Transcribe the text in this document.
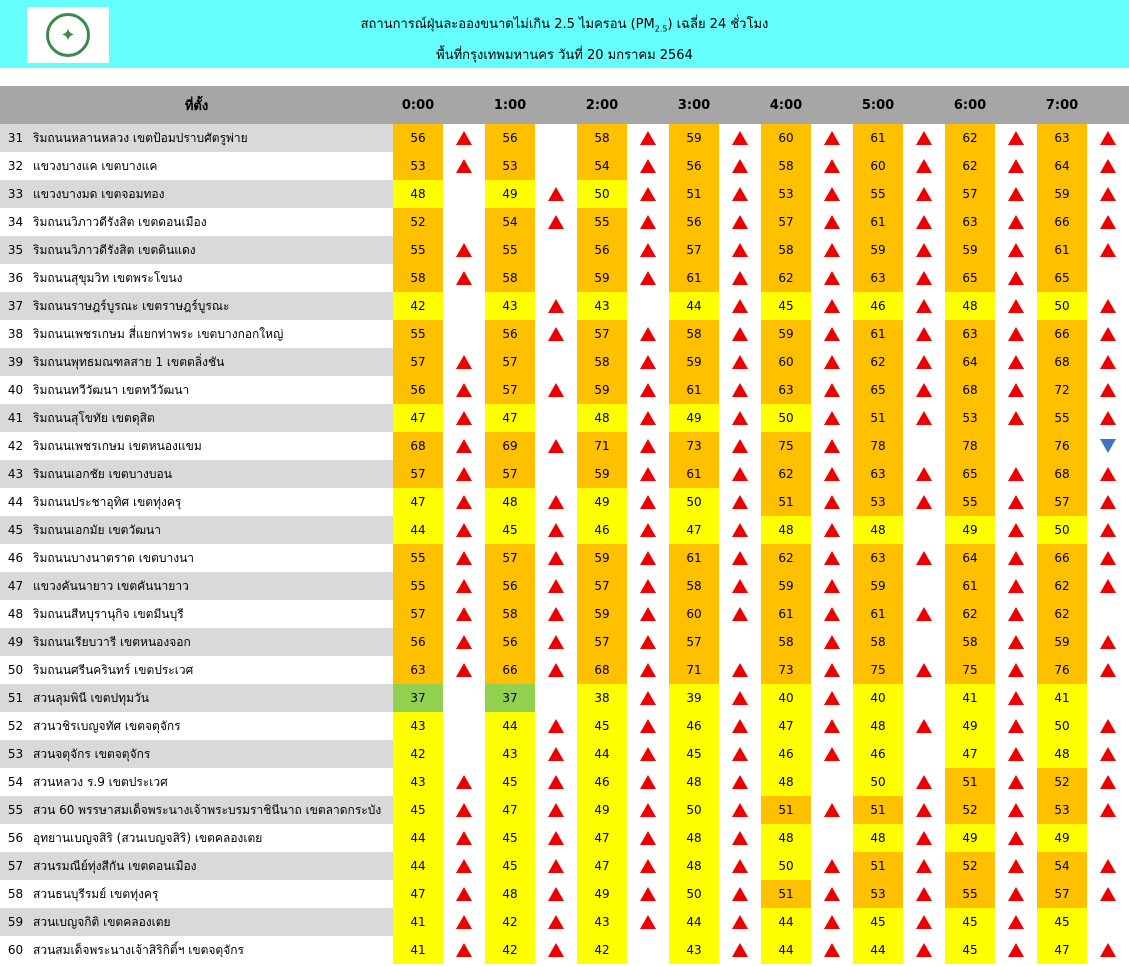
✦	สถานการณ์ฝุ่นละอองขนาดไม่เกิน 2.5 ไมครอน $(PM_{2.5})$ เฉลี่ย 24 ชั่วโมง
พื้นที่กรุงเทพมหานคร วันที่ 20 มกราคม 2564
ที่ตั้ง		0:00		1:00		2:00		3:00		4:00		5:00		6:00		7:00	
31	ริมถนนหลานหลวง เขตป้อมปราบศัตรูพ่าย	56		56		58		59		60		61		62		63	
32	แขวงบางแค เขตบางแค	53		53		54		56		58		60		62		64	
33	แขวงบางมด เขตจอมทอง	48		49		50		51		53		55		57		59	
34	ริมถนนวิภาวดีรังสิต เขตดอนเมือง	52		54		55		56		57		61		63		66	
35	ริมถนนวิภาวดีรังสิต เขตดินแดง	55		55		56		57		58		59		59		61	
36	ริมถนนสุขุมวิท เขตพระโขนง	58		58		59		61		62		63		65		65	
37	ริมถนนราษฎร์บูรณะ เขตราษฎร์บูรณะ	42		43		43		44		45		46		48		50	
38	ริมถนนเพชรเกษม สี่แยกท่าพระ เขตบางกอกใหญ่	55		56		57		58		59		61		63		66	
39	ริมถนนพุทธมณฑลสาย 1 เขตตลิ่งชัน	57		57		58		59		60		62		64		68	
40	ริมถนนทวีวัฒนา เขตทวีวัฒนา	56		57		59		61		63		65		68		72	
41	ริมถนนสุโขทัย เขตดุสิต	47		47		48		49		50		51		53		55	
42	ริมถนนเพชรเกษม เขตหนองแขม	68		69		71		73		75		78		78		76	
43	ริมถนนเอกชัย เขตบางบอน	57		57		59		61		62		63		65		68	
44	ริมถนนประชาอุทิศ เขตทุ่งครุ	47		48		49		50		51		53		55		57	
45	ริมถนนเอกมัย เขตวัฒนา	44		45		46		47		48		48		49		50	
46	ริมถนนบางนาตราด เขตบางนา	55		57		59		61		62		63		64		66	
47	แขวงคันนายาว เขตคันนายาว	55		56		57		58		59		59		61		62	
48	ริมถนนสีหบุรานุกิจ เขตมีนบุรี	57		58		59		60		61		61		62		62	
49	ริมถนนเรียบวารี เขตหนองจอก	56		56		57		57		58		58		58		59	
50	ริมถนนศรีนครินทร์ เขตประเวศ	63		66		68		71		73		75		75		76	
51	สวนลุมพินี เขตปทุมวัน	37		37		38		39		40		40		41		41	
52	สวนวชิรเบญจทัศ เขตจตุจักร	43		44		45		46		47		48		49		50	
53	สวนจตุจักร เขตจตุจักร	42		43		44		45		46		46		47		48	
54	สวนหลวง ร.9 เขตประเวศ	43		45		46		48		48		50		51		52	
55	สวน 60 พรรษาสมเด็จพระนางเจ้าพระบรมราชินีนาถ เขตลาดกระบัง	45		47		49		50		51		51		52		53	
56	อุทยานเบญจสิริ (สวนเบญจสิริ) เขตคลองเตย	44		45		47		48		48		48		49		49	
57	สวนรมณีย์ทุ่งสีกัน เขตดอนเมือง	44		45		47		48		50		51		52		54	
58	สวนธนบุรีรมย์ เขตทุ่งครุ	47		48		49		50		51		53		55		57	
59	สวนเบญจกิติ เขตคลองเตย	41		42		43		44		44		45		45		45	
60	สวนสมเด็จพระนางเจ้าสิริกิติ์ฯ เขตจตุจักร	41		42		42		43		44		44		45		47	
